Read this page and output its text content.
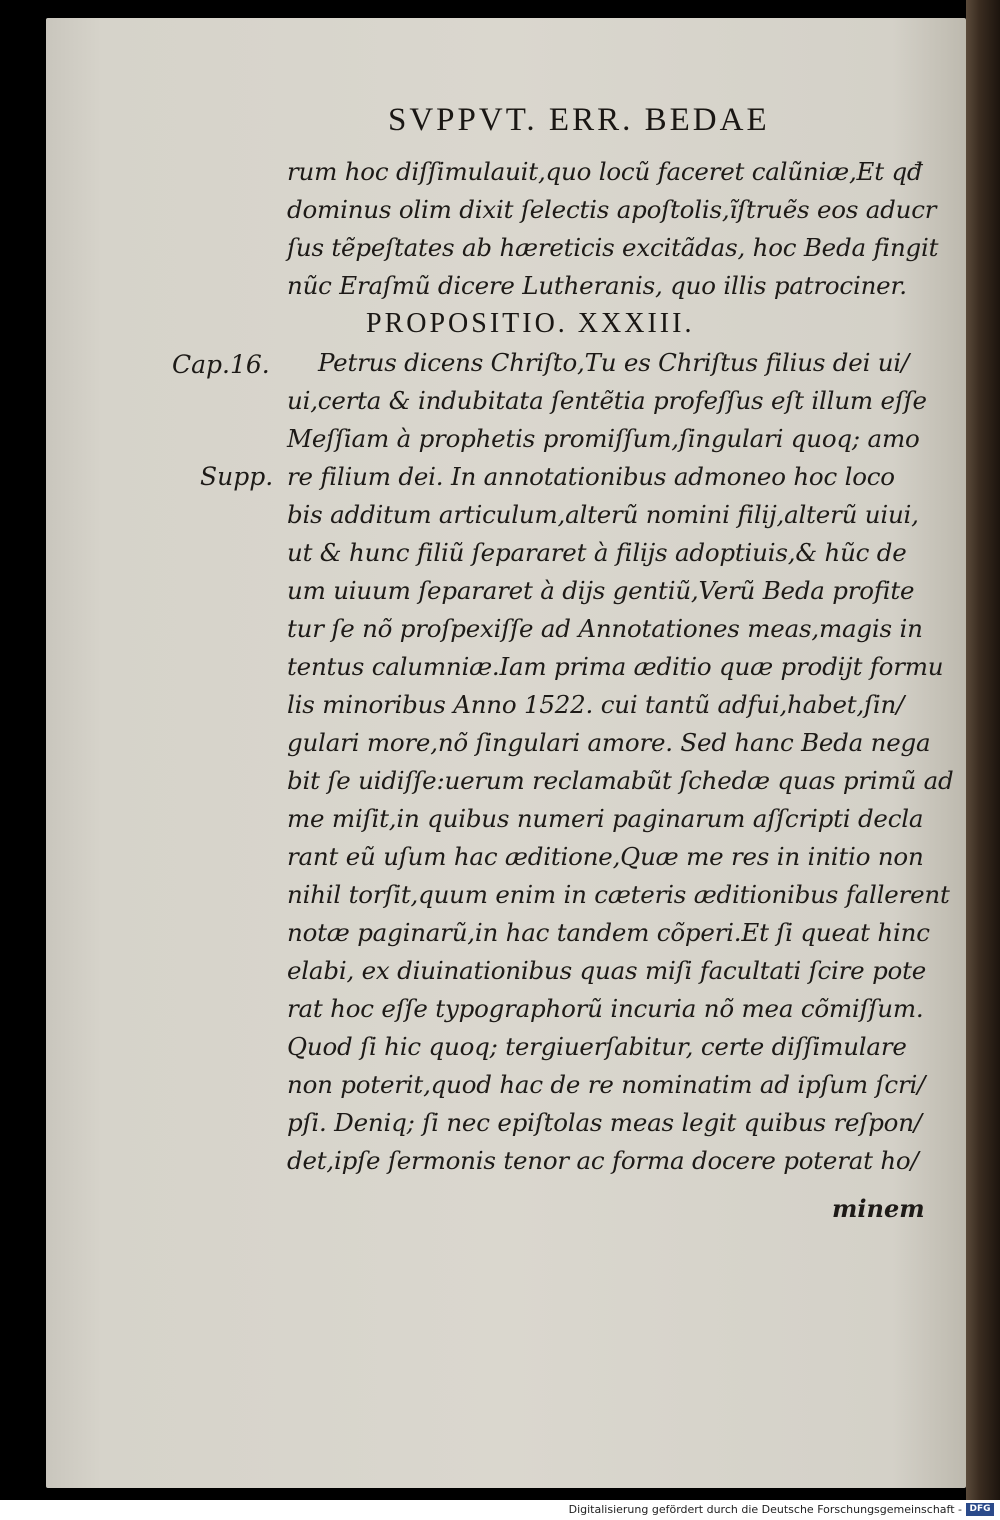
SVPPVT. ERR. BEDAE
rum hoc diſſimulauit,quo locũ faceret calũniæ,Et qđ
dominus olim dixit ſelectis apoſtolis,ĩſtruẽs eos aducr
ſus tẽpeſtates ab hæreticis excitãdas, hoc Beda fingit
nũc Eraſmũ dicere Lutheranis, quo illis patrociner.
PROPOSITIO. XXXIII.
Cap.16.
Supp.
Petrus dicens Chriſto,Tu es Chriſtus filius dei ui/
ui,certa & indubitata ſentẽtia profeſſus eſt illum eſſe
Meſſiam à prophetis promiſſum,ſingulari quoq; amo
re filium dei. In annotationibus admoneo hoc loco
bis additum articulum,alterũ nomini filij,alterũ uiui,
ut & hunc filiũ ſepararet à filijs adoptiuis,& hũc de
um uiuum ſepararet à dijs gentiũ,Verũ Beda profite
tur ſe nõ proſpexiſſe ad Annotationes meas,magis in
tentus calumniæ.Iam prima æditio quæ prodijt formu
lis minoribus Anno 1522. cui tantũ adfui,habet,ſin/
gulari more,nõ ſingulari amore. Sed hanc Beda nega
bit ſe uidiſſe:uerum reclamabũt ſchedæ quas primũ ad
me miſit,in quibus numeri paginarum aſſcripti decla
rant eũ uſum hac æditione,Quæ me res in initio non
nihil torſit,quum enim in cæteris æditionibus fallerent
notæ paginarũ,in hac tandem cõperi.Et ſi queat hinc
elabi, ex diuinationibus quas miſi facultati ſcire pote
rat hoc eſſe typographorũ incuria nõ mea cõmiſſum.
Quod ſi hic quoq; tergiuerſabitur, certe diſſimulare
non poterit,quod hac de re nominatim ad ipſum ſcri/
pſi. Deniq; ſi nec epiſtolas meas legit quibus reſpon/
det,ipſe ſermonis tenor ac forma docere poterat ho/
minem
Digitalisierung gefördert durch die Deutsche Forschungsgemeinschaft - DFG
